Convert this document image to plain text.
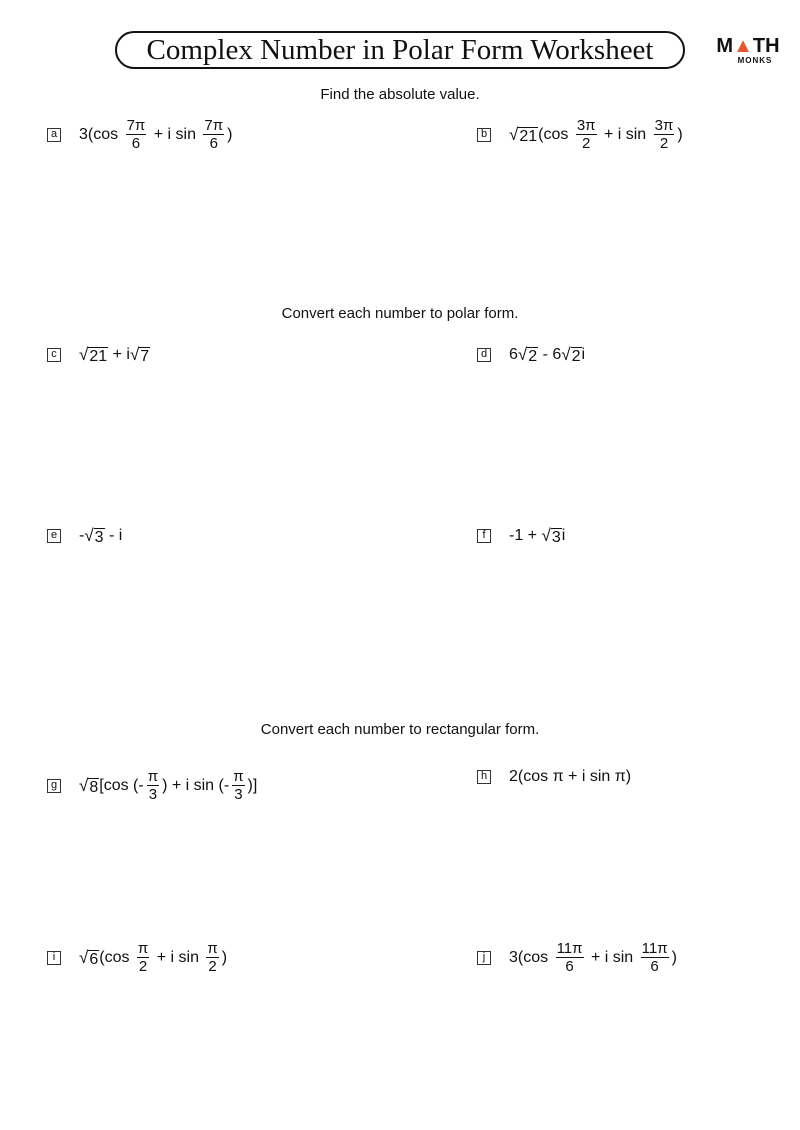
Complex Number in Polar Form Worksheet	M▲TH
MONKS
Find the absolute value.
a $3(\cos \frac{7\pi}{6} + i$ $\sin \frac{7\pi}{6}$ )	b √ 21 ($\cos \frac{3\pi}{2} + i$ $\sin \frac{3\pi}{2}$ )
Convert each number to polar form.
c √ 21 + i √ 7	d 6 √ 2 - 6 √ 2 i
e - √ 3 - i	f	-1 + √ 3 i
Convert each number to rectangular form.
g √ 8 [cos (- $\frac{\pi}{3}$ ) + i sin (- $\frac{\pi}{3}$ )]
h 2(cos π + i sin π)
i	√ 6 ($\cos \frac{\pi}{2} + i$ $\sin \frac{\pi}{2}$ )	j	$3(\cos \frac{11\pi}{6} + i$ $\sin \frac{11\pi}{6}$ )
